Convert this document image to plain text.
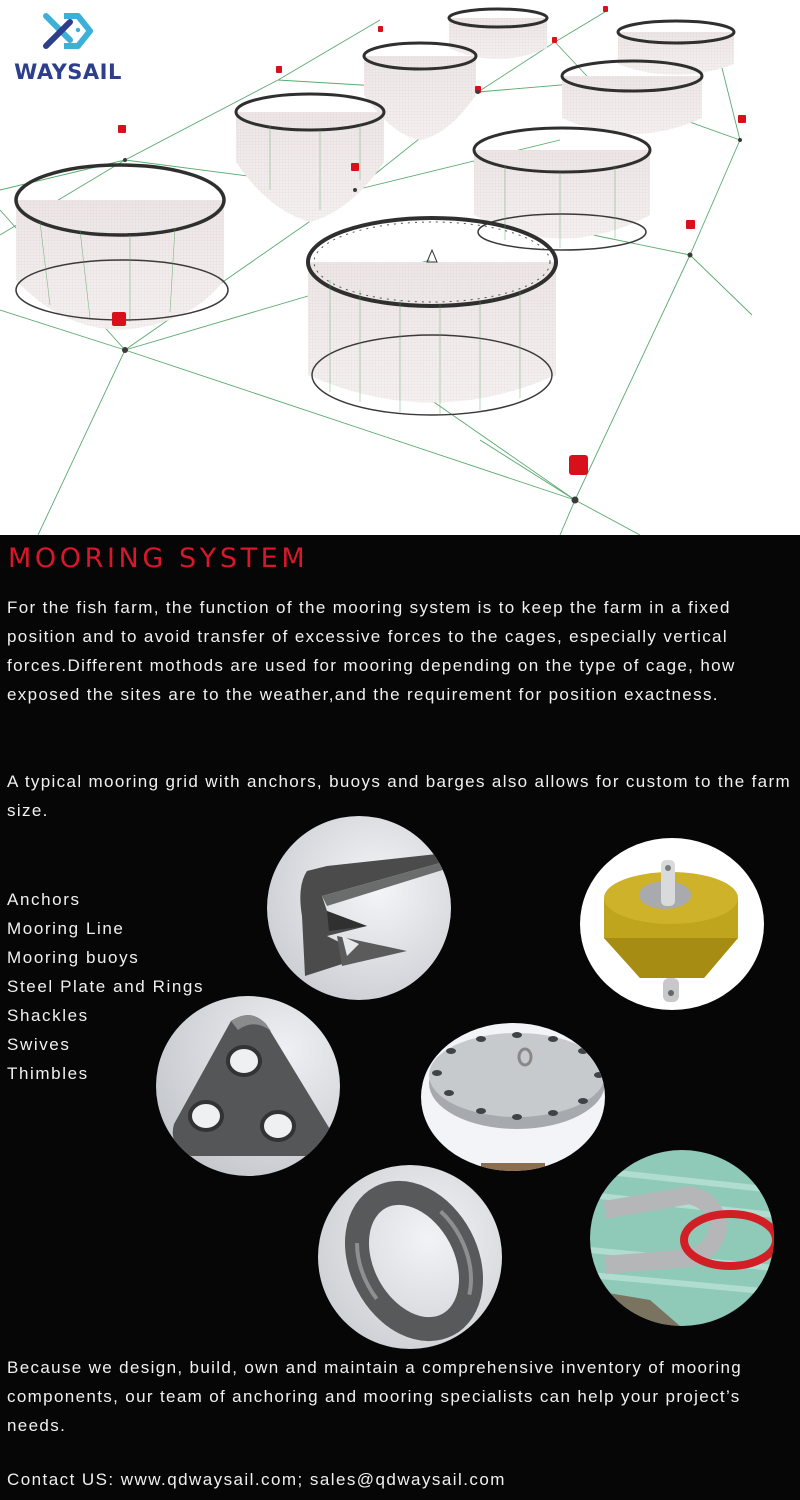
WAYSAIL
MOORING SYSTEM

For the fish farm, the function of the mooring system is to keep the farm in a fixed position and to avoid transfer of excessive forces to the cages, especially vertical forces.Different mothods are used for mooring depending on the type of cage, how exposed the sites are to the weather,and the requirement for position exactness.

A typical mooring grid with anchors, buoys and barges also allows for custom to the farm size.

Anchors
Mooring Line
Mooring buoys
Steel Plate and Rings
Shackles
Swives
Thimbles

Because we design, build, own and maintain a comprehensive inventory of mooring components, our team of anchoring and mooring specialists can help your project’s needs.

Contact US: www.qdwaysail.com; sales@qdwaysail.com
